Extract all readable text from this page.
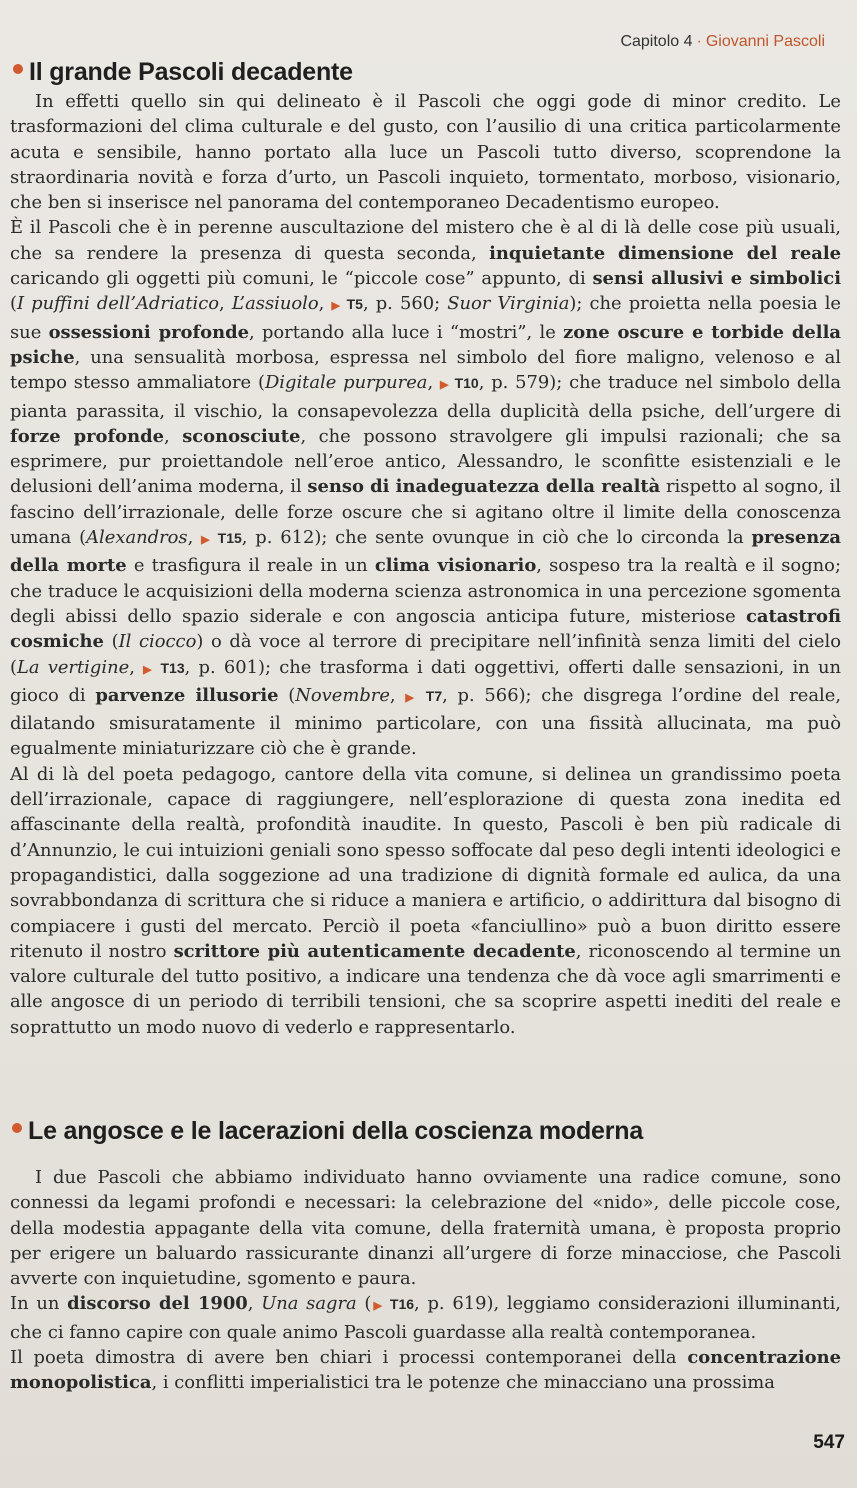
Capitolo 4 · Giovanni Pascoli
Il grande Pascoli decadente

In effetti quello sin qui delineato è il Pascoli che oggi gode di minor credito. Le trasformazioni del clima culturale e del gusto, con l’ausilio di una critica particolarmente acuta e sensibile, hanno portato alla luce un Pascoli tutto diverso, scoprendone la straordinaria novità e forza d’urto, un Pascoli inquieto, tormentato, morboso, visionario, che ben si inserisce nel panorama del contemporaneo Decadentismo europeo.

È il Pascoli che è in perenne auscultazione del mistero che è al di là delle cose più usuali, che sa rendere la presenza di questa seconda, inquietante dimensione del reale caricando gli oggetti più comuni, le “piccole cose” appunto, di sensi allusivi e simbolici (I puffini dell’Adriatico, L’assiuolo, ▶ T5, p. 560; Suor Virginia); che proietta nella poesia le sue ossessioni profonde, portando alla luce i “mostri”, le zone oscure e torbide della psiche, una sensualità morbosa, espressa nel simbolo del fiore maligno, velenoso e al tempo stesso ammaliatore (Digitale purpurea, ▶ T10, p. 579); che traduce nel simbolo della pianta parassita, il vischio, la consapevolezza della duplicità della psiche, dell’urgere di forze profonde, sconosciute, che possono stravolgere gli impulsi razionali; che sa esprimere, pur proiettandole nell’eroe antico, Alessandro, le sconfitte esistenziali e le delusioni dell’anima moderna, il senso di inadeguatezza della realtà rispetto al sogno, il fascino dell’irrazionale, delle forze oscure che si agitano oltre il limite della conoscenza umana (Alexandros, ▶ T15, p. 612); che sente ovunque in ciò che lo circonda la presenza della morte e trasfigura il reale in un clima visionario, sospeso tra la realtà e il sogno; che traduce le acquisizioni della moderna scienza astronomica in una percezione sgomenta degli abissi dello spazio siderale e con angoscia anticipa future, misteriose catastrofi cosmiche (Il ciocco) o dà voce al terrore di precipitare nell’infinità senza limiti del cielo (La vertigine, ▶ T13, p. 601); che trasforma i dati oggettivi, offerti dalle sensazioni, in un gioco di parvenze illusorie (Novembre, ▶ T7, p. 566); che disgrega l’ordine del reale, dilatando smisuratamente il minimo particolare, con una fissità allucinata, ma può egualmente miniaturizzare ciò che è grande.

Al di là del poeta pedagogo, cantore della vita comune, si delinea un grandissimo poeta dell’irrazionale, capace di raggiungere, nell’esplorazione di questa zona inedita ed affascinante della realtà, profondità inaudite. In questo, Pascoli è ben più radicale di d’Annunzio, le cui intuizioni geniali sono spesso soffocate dal peso degli intenti ideologici e propagandistici, dalla soggezione ad una tradizione di dignità formale ed aulica, da una sovrabbondanza di scrittura che si riduce a maniera e artificio, o addirittura dal bisogno di compiacere i gusti del mercato. Perciò il poeta «fanciullino» può a buon diritto essere ritenuto il nostro scrittore più autenticamente decadente, riconoscendo al termine un valore culturale del tutto positivo, a indicare una tendenza che dà voce agli smarrimenti e alle angosce di un periodo di terribili tensioni, che sa scoprire aspetti inediti del reale e soprattutto un modo nuovo di vederlo e rappresentarlo.

Le angosce e le lacerazioni della coscienza moderna

I due Pascoli che abbiamo individuato hanno ovviamente una radice comune, sono connessi da legami profondi e necessari: la celebrazione del «nido», delle piccole cose, della modestia appagante della vita comune, della fraternità umana, è proposta proprio per erigere un baluardo rassicurante dinanzi all’urgere di forze minacciose, che Pascoli avverte con inquietudine, sgomento e paura.

In un discorso del 1900, Una sagra (▶ T16, p. 619), leggiamo considerazioni illuminanti, che ci fanno capire con quale animo Pascoli guardasse alla realtà contemporanea.

Il poeta dimostra di avere ben chiari i processi contemporanei della concentrazione monopolistica, i conflitti imperialistici tra le potenze che minacciano una prossima

547
